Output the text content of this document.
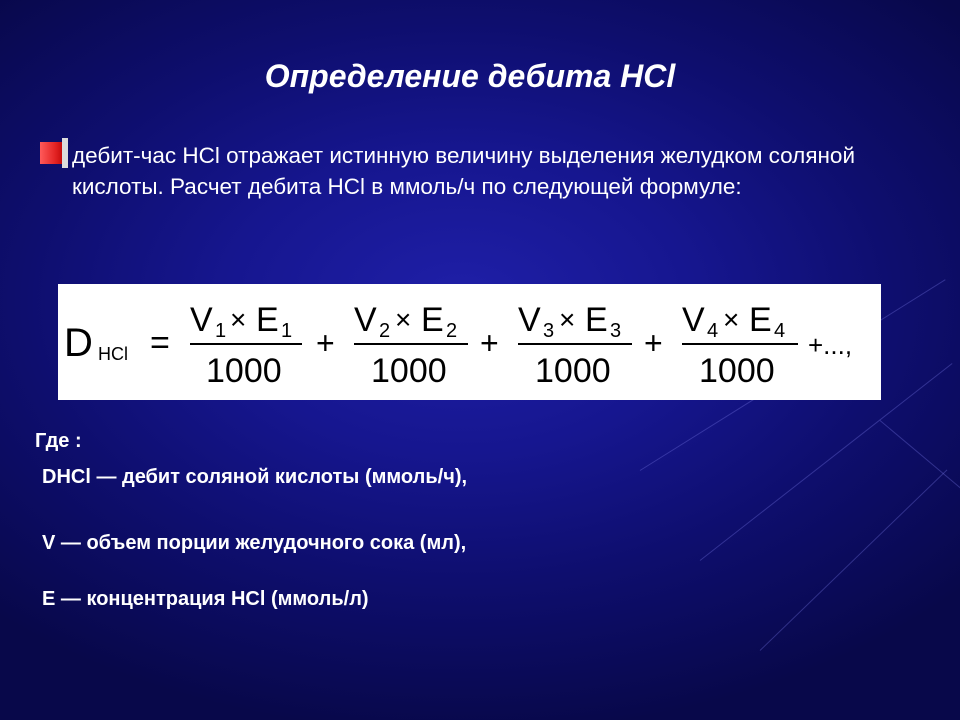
Определение дебита HCl
дебит-час HCl отражает истинную величину выделения желудком соляной кислоты. Расчет дебита HCl в ммоль/ч по следующей формуле:
D HCl =
V 1 × E 1
1000
+
V 2 × E 2
1000
+
V 3 × E 3
1000
+
V 4 × E 4
1000
+...,
Где :
DHCl — дебит соляной кислоты (ммоль/ч),
V — объем порции желудочного сока (мл),
E — концентрация HCl (ммоль/л)
